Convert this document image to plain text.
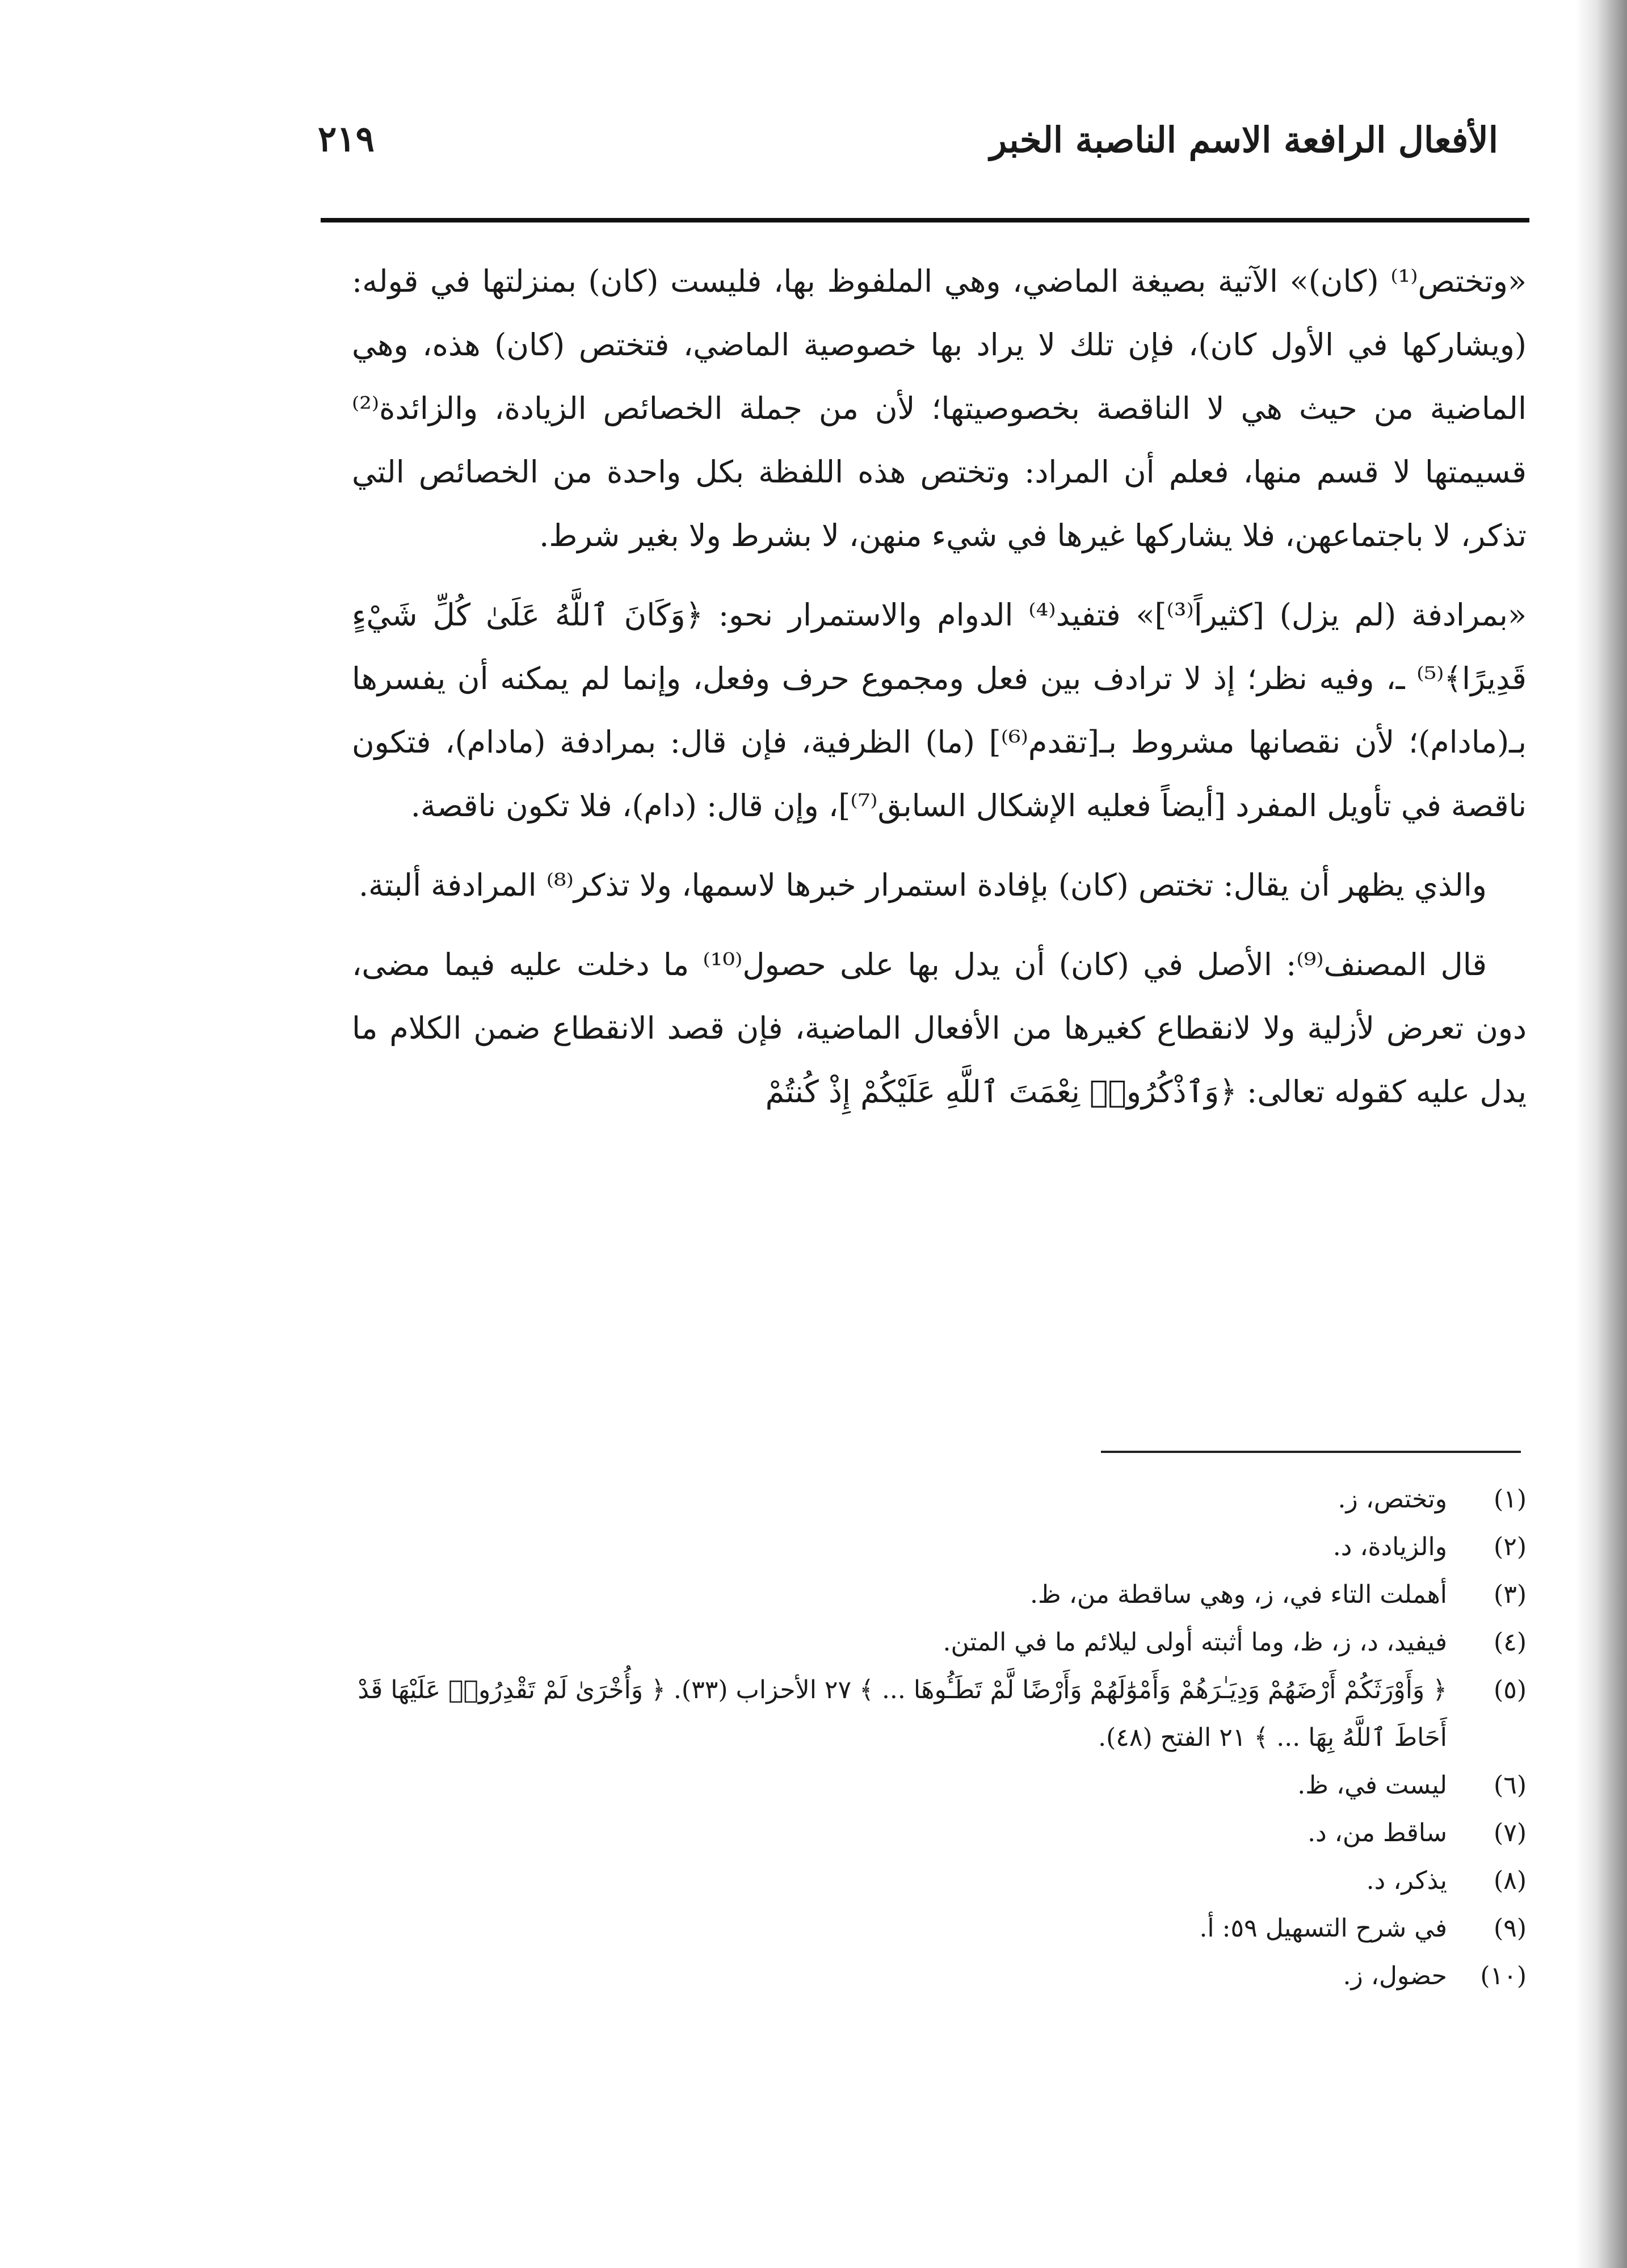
الأفعال الرافعة الاسم الناصبة الخبر
٢١٩

«وتختص⁽¹⁾ (كان)» الآتية بصيغة الماضي، وهي الملفوظ بها، فليست (كان) بمنزلتها في قوله: (ويشاركها في الأول كان)، فإن تلك لا يراد بها خصوصية الماضي، فتختص (كان) هذه، وهي الماضية من حيث هي لا الناقصة بخصوصيتها؛ لأن من جملة الخصائص الزيادة، والزائدة⁽²⁾ قسيمتها لا قسم منها، فعلم أن المراد: وتختص هذه اللفظة بكل واحدة من الخصائص التي تذكر، لا باجتماعهن، فلا يشاركها غيرها في شيء منهن، لا بشرط ولا بغير شرط.

«بمرادفة (لم يزل) [كثيراً⁽³⁾]» فتفيد⁽⁴⁾ الدوام والاستمرار نحو: ﴿وَكَانَ ٱللَّهُ عَلَىٰ كُلِّ شَيْءٍ قَدِيرًا﴾⁽⁵⁾ ـ، وفيه نظر؛ إذ لا ترادف بين فعل ومجموع حرف وفعل، وإنما لم يمكنه أن يفسرها بـ(مادام)؛ لأن نقصانها مشروط بـ[تقدم⁽⁶⁾] (ما) الظرفية، فإن قال: بمرادفة (مادام)، فتكون ناقصة في تأويل المفرد [أيضاً فعليه الإشكال السابق⁽⁷⁾]، وإن قال: (دام)، فلا تكون ناقصة.

والذي يظهر أن يقال: تختص (كان) بإفادة استمرار خبرها لاسمها، ولا تذكر⁽⁸⁾ المرادفة ألبتة.

قال المصنف⁽⁹⁾: الأصل في (كان) أن يدل بها على حصول⁽¹⁰⁾ ما دخلت عليه فيما مضى، دون تعرض لأزلية ولا لانقطاع كغيرها من الأفعال الماضية، فإن قصد الانقطاع ضمن الكلام ما يدل عليه كقوله تعالى: ﴿وَٱذْكُرُوا۟ نِعْمَتَ ٱللَّهِ عَلَيْكُمْ إِذْ كُنتُمْ

(١)
وتختص، ز.
(٢)
والزيادة، د.
(٣)
أهملت التاء في، ز، وهي ساقطة من، ظ.
(٤)
فيفيد، د، ز، ظ، وما أثبته أولى ليلائم ما في المتن.
(٥)
﴿ وَأَوْرَثَكُمْ أَرْضَهُمْ وَدِيَـٰرَهُمْ وَأَمْوَٰلَهُمْ وَأَرْضًا لَّمْ تَطَـُٔوهَا ... ﴾ ٢٧ الأحزاب (٣٣). ﴿ وَأُخْرَىٰ لَمْ تَقْدِرُوا۟ عَلَيْهَا قَدْ أَحَاطَ ٱللَّهُ بِهَا ... ﴾ ٢١ الفتح (٤٨).
(٦)
ليست في، ظ.
(٧)
ساقط من، د.
(٨)
يذكر، د.
(٩)
في شرح التسهيل ٥٩: أ.
(١٠)
حضول، ز.
